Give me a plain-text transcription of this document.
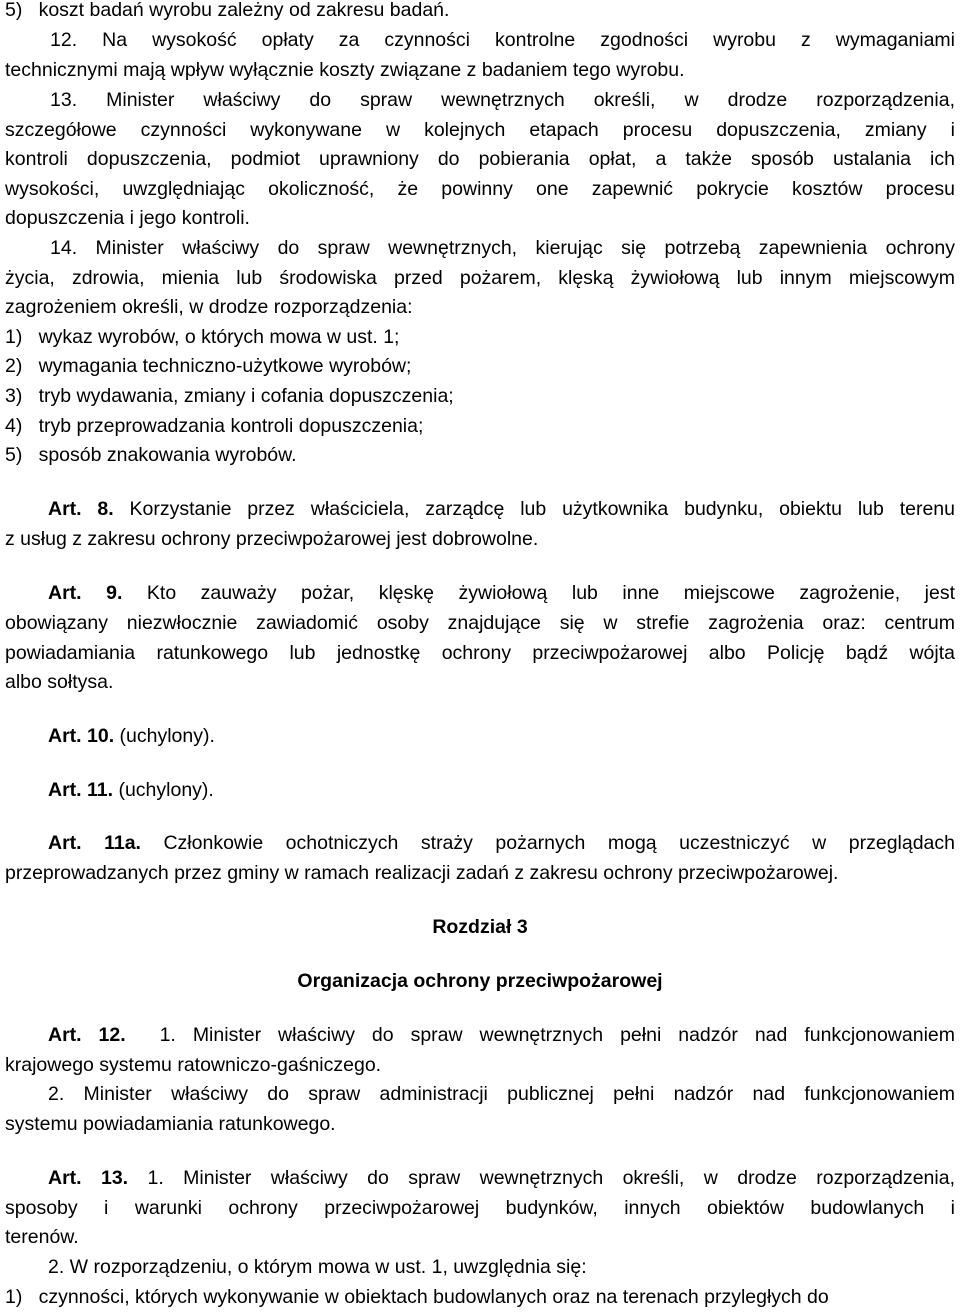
5)   koszt badań wyrobu zależny od zakresu badań.
12. Na wysokość opłaty za czynności kontrolne zgodności wyrobu z wymaganiami
technicznymi mają wpływ wyłącznie koszty związane z badaniem tego wyrobu.
13. Minister właściwy do spraw wewnętrznych określi, w drodze rozporządzenia,
szczegółowe czynności wykonywane w kolejnych etapach procesu dopuszczenia, zmiany i
kontroli dopuszczenia, podmiot uprawniony do pobierania opłat, a także sposób ustalania ich
wysokości, uwzględniając okoliczność, że powinny one zapewnić pokrycie kosztów procesu
dopuszczenia i jego kontroli.
14. Minister właściwy do spraw wewnętrznych, kierując się potrzebą zapewnienia ochrony
życia, zdrowia, mienia lub środowiska przed pożarem, klęską żywiołową lub innym miejscowym
zagrożeniem określi, w drodze rozporządzenia:
1)   wykaz wyrobów, o których mowa w ust. 1;
2)   wymagania techniczno-użytkowe wyrobów;
3)   tryb wydawania, zmiany i cofania dopuszczenia;
4)   tryb przeprowadzania kontroli dopuszczenia;
5)   sposób znakowania wyrobów.
Art. 8. Korzystanie przez właściciela, zarządcę lub użytkownika budynku, obiektu lub terenu
z usług z zakresu ochrony przeciwpożarowej jest dobrowolne.
Art. 9. Kto zauważy pożar, klęskę żywiołową lub inne miejscowe zagrożenie, jest
obowiązany niezwłocznie zawiadomić osoby znajdujące się w strefie zagrożenia oraz: centrum
powiadamiania ratunkowego lub jednostkę ochrony przeciwpożarowej albo Policję bądź wójta
albo sołtysa.
Art. 10. (uchylony).
Art. 11. (uchylony).
Art. 11a. Członkowie ochotniczych straży pożarnych mogą uczestniczyć w przeglądach
przeprowadzanych przez gminy w ramach realizacji zadań z zakresu ochrony przeciwpożarowej.
Rozdział 3
Organizacja ochrony przeciwpożarowej
Art. 12.  1. Minister właściwy do spraw wewnętrznych pełni nadzór nad funkcjonowaniem
krajowego systemu ratowniczo-gaśniczego.
2. Minister właściwy do spraw administracji publicznej pełni nadzór nad funkcjonowaniem
systemu powiadamiania ratunkowego.
Art. 13. 1. Minister właściwy do spraw wewnętrznych określi, w drodze rozporządzenia,
sposoby i warunki ochrony przeciwpożarowej budynków, innych obiektów budowlanych i
terenów.
2. W rozporządzeniu, o którym mowa w ust. 1, uwzględnia się:
1)   czynności, których wykonywanie w obiektach budowlanych oraz na terenach przyległych do
